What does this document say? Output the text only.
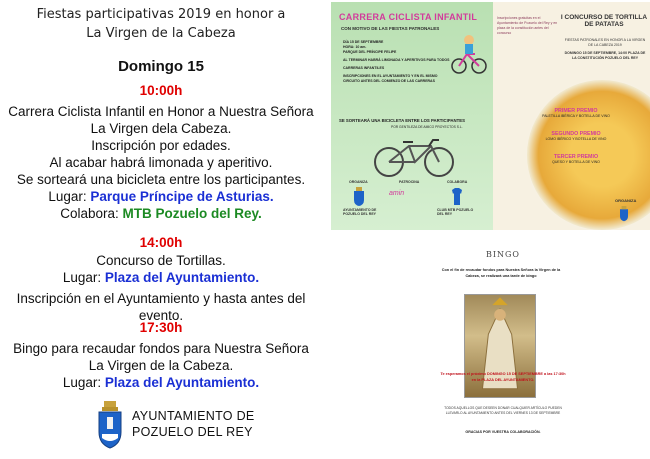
Fiestas participativas 2019 en honor a
La Virgen de la Cabeza
Domingo 15
10:00h
Carrera Ciclista Infantil en Honor a Nuestra Señora
La Virgen dela Cabeza.
Inscripción por edades.
Al acabar habrá limonada y aperitivo.
Se sorteará una bicicleta entre los participantes.
Lugar: Parque Príncipe de Asturias.
Colabora: MTB Pozuelo del Rey.
14:00h
Concurso de Tortillas.
Lugar: Plaza del Ayuntamiento.
Inscripción en el Ayuntamiento y hasta antes del
evento.
17:30h
Bingo para recaudar fondos para Nuestra Señora
La Virgen de la Cabeza.
Lugar: Plaza del Ayuntamiento.
AYUNTAMIENTO DE
POZUELO DEL REY
CARRERA CICLISTA INFANTIL
CON MOTIVO DE LAS FIESTAS PATRONALES
DÍA 15 DE SEPTIEMBRE
HORA: 10 am.
PARQUE DEL PRÍNCIPE FELIPE
AL TERMINAR HABRÁ LIMONADA Y APERITIVOS PARA TODOS
CARRERAS INFANTILES
INSCRIPCIONES EN EL AYUNTAMIENTO Y EN EL MISMO CIRCUITO ANTES DEL COMIENZO DE LAS CARRERAS
SE SORTEARÁ UNA BICICLETA ENTRE LOS PARTICIPANTES
POR GENTILEZA DE AMICO PROYECTOS S.L.
ORGANIZA	PATROCINA	COLABORA
amin
AYUNTAMIENTO DE POZUELO DEL REY
CLUB MTB POZUELO DEL REY
Inscripciones gratuitas en el Ayuntamiento de Pozuelo del Rey y en plaza de la constitución antes del concurso
I CONCURSO DE TORTILLA DE PATATAS
FIESTAS PATRONALES EN HONOR A LA VIRGEN DE LA CABEZA 2019
DOMINGO 15 DE SEPTIEMBRE, 14:00 PLAZA DE LA CONSTITUCIÓN POZUELO DEL REY
PRIMER PREMIO
PALETILLA IBÉRICA Y BOTELLA DE VINO
SEGUNDO PREMIO
LOMO IBÉRICO Y BOTELLA DE VINO
TERCER PREMIO
QUESO Y BOTELLA DE VINO
ORGANIZA
BINGO
Con el fin de recaudar fondos para Nuestra Señora la Virgen de la Cabeza, se realizará una tarde de bingo
Te esperamos el próximo DOMINGO 15 DE SEPTIEMBRE a las 17:30h en la PLAZA DEL AYUNTAMIENTO.
TODOS AQUELLOS QUE DESEEN DONAR CUALQUIER ARTÍCULO PUEDEN LLEVARLO AL AYUNTAMIENTO ANTES DEL VIERNES 13 DE SEPTIEMBRE
GRACIAS POR VUESTRA COLABORACIÓN.
